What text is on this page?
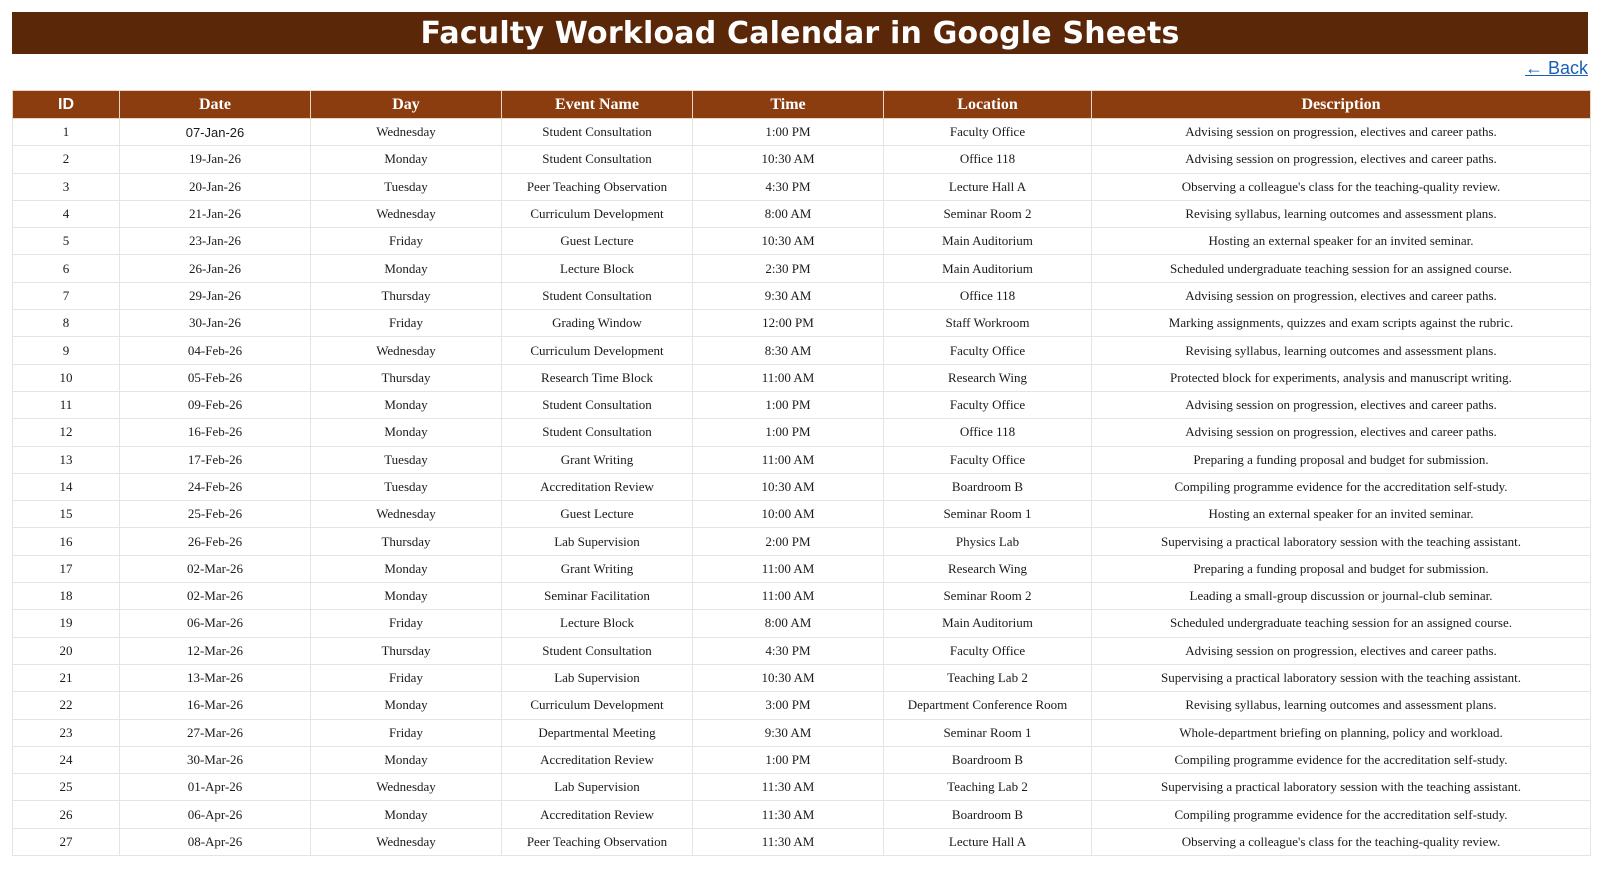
Faculty Workload Calendar in Google Sheets
← Back
ID	Date	Day	Event Name	Time	Location	Description
1	07-Jan-26	Wednesday	Student Consultation	1:00 PM	Faculty Office	Advising session on progression, electives and career paths.
2	19-Jan-26	Monday	Student Consultation	10:30 AM	Office 118	Advising session on progression, electives and career paths.
3	20-Jan-26	Tuesday	Peer Teaching Observation	4:30 PM	Lecture Hall A	Observing a colleague's class for the teaching-quality review.
4	21-Jan-26	Wednesday	Curriculum Development	8:00 AM	Seminar Room 2	Revising syllabus, learning outcomes and assessment plans.
5	23-Jan-26	Friday	Guest Lecture	10:30 AM	Main Auditorium	Hosting an external speaker for an invited seminar.
6	26-Jan-26	Monday	Lecture Block	2:30 PM	Main Auditorium	Scheduled undergraduate teaching session for an assigned course.
7	29-Jan-26	Thursday	Student Consultation	9:30 AM	Office 118	Advising session on progression, electives and career paths.
8	30-Jan-26	Friday	Grading Window	12:00 PM	Staff Workroom	Marking assignments, quizzes and exam scripts against the rubric.
9	04-Feb-26	Wednesday	Curriculum Development	8:30 AM	Faculty Office	Revising syllabus, learning outcomes and assessment plans.
10	05-Feb-26	Thursday	Research Time Block	11:00 AM	Research Wing	Protected block for experiments, analysis and manuscript writing.
11	09-Feb-26	Monday	Student Consultation	1:00 PM	Faculty Office	Advising session on progression, electives and career paths.
12	16-Feb-26	Monday	Student Consultation	1:00 PM	Office 118	Advising session on progression, electives and career paths.
13	17-Feb-26	Tuesday	Grant Writing	11:00 AM	Faculty Office	Preparing a funding proposal and budget for submission.
14	24-Feb-26	Tuesday	Accreditation Review	10:30 AM	Boardroom B	Compiling programme evidence for the accreditation self-study.
15	25-Feb-26	Wednesday	Guest Lecture	10:00 AM	Seminar Room 1	Hosting an external speaker for an invited seminar.
16	26-Feb-26	Thursday	Lab Supervision	2:00 PM	Physics Lab	Supervising a practical laboratory session with the teaching assistant.
17	02-Mar-26	Monday	Grant Writing	11:00 AM	Research Wing	Preparing a funding proposal and budget for submission.
18	02-Mar-26	Monday	Seminar Facilitation	11:00 AM	Seminar Room 2	Leading a small-group discussion or journal-club seminar.
19	06-Mar-26	Friday	Lecture Block	8:00 AM	Main Auditorium	Scheduled undergraduate teaching session for an assigned course.
20	12-Mar-26	Thursday	Student Consultation	4:30 PM	Faculty Office	Advising session on progression, electives and career paths.
21	13-Mar-26	Friday	Lab Supervision	10:30 AM	Teaching Lab 2	Supervising a practical laboratory session with the teaching assistant.
22	16-Mar-26	Monday	Curriculum Development	3:00 PM	Department Conference Room	Revising syllabus, learning outcomes and assessment plans.
23	27-Mar-26	Friday	Departmental Meeting	9:30 AM	Seminar Room 1	Whole-department briefing on planning, policy and workload.
24	30-Mar-26	Monday	Accreditation Review	1:00 PM	Boardroom B	Compiling programme evidence for the accreditation self-study.
25	01-Apr-26	Wednesday	Lab Supervision	11:30 AM	Teaching Lab 2	Supervising a practical laboratory session with the teaching assistant.
26	06-Apr-26	Monday	Accreditation Review	11:30 AM	Boardroom B	Compiling programme evidence for the accreditation self-study.
27	08-Apr-26	Wednesday	Peer Teaching Observation	11:30 AM	Lecture Hall A	Observing a colleague's class for the teaching-quality review.
